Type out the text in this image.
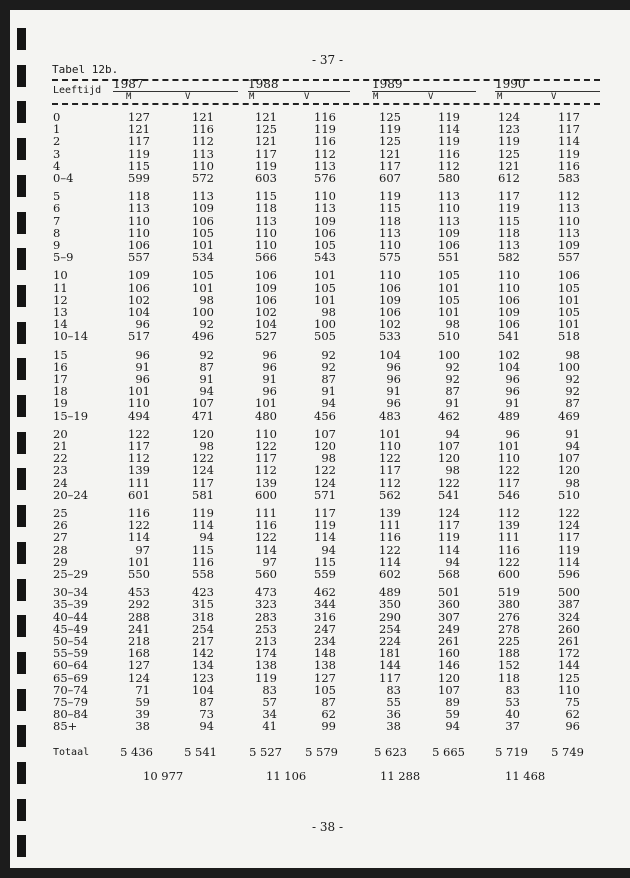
- 37 -
Tabel 12b.
Leeftijd 1987
M	V
1988
M	V
1989
M	V
1990
M	V
0	127	121	121	116	125	119	124	117
1	121	116	125	119	119	114	123	117
2	117	112	121	116	125	119	119	114
3	119	113	117	112	121	116	125	119
4	115	110	119	113	117	112	121	116
0–4	599	572	603	576	607	580	612	583
5	118	113	115	110	119	113	117	112
6	113	109	118	113	115	110	119	113
7	110	106	113	109	118	113	115	110
8	110	105	110	106	113	109	118	113
9	106	101	110	105	110	106	113	109
5–9	557	534	566	543	575	551	582	557
10	109	105	106	101	110	105	110	106
11	106	101	109	105	106	101	110	105
12	102	98	106	101	109	105	106	101
13	104	100	102	98	106	101	109	105
14	96	92	104	100	102	98	106	101
10–14	517	496	527	505	533	510	541	518
15	96	92	96	92	104	100	102	98
16	91	87	96	92	96	92	104	100
17	96	91	91	87	96	92	96	92
18	101	94	96	91	91	87	96	92
19	110	107	101	94	96	91	91	87
15–19	494	471	480	456	483	462	489	469
20	122	120	110	107	101	94	96	91
21	117	98	122	120	110	107	101	94
22	112	122	117	98	122	120	110	107
23	139	124	112	122	117	98	122	120
24	111	117	139	124	112	122	117	98
20–24	601	581	600	571	562	541	546	510
25	116	119	111	117	139	124	112	122
26	122	114	116	119	111	117	139	124
27	114	94	122	114	116	119	111	117
28	97	115	114	94	122	114	116	119
29	101	116	97	115	114	94	122	114
25–29	550	558	560	559	602	568	600	596
30–34	453	423	473	462	489	501	519	500
35–39	292	315	323	344	350	360	380	387
40–44	288	318	283	316	290	307	276	324
45–49	241	254	253	247	254	249	278	260
50–54	218	217	213	234	224	261	225	261
55–59	168	142	174	148	181	160	188	172
60–64	127	134	138	138	144	146	152	144
65–69	124	123	119	127	117	120	118	125
70–74	71	104	83	105	83	107	83	110
75–79	59	87	57	87	55	89	53	75
80–84	39	73	34	62	36	59	40	62
85+	38	94	41	99	38	94	37	96
Totaal	5 436	5 541	5 527	5 579	5 623	5 665	5 719	5 749
10 977	11 106	11 288	11 468
- 38 -
